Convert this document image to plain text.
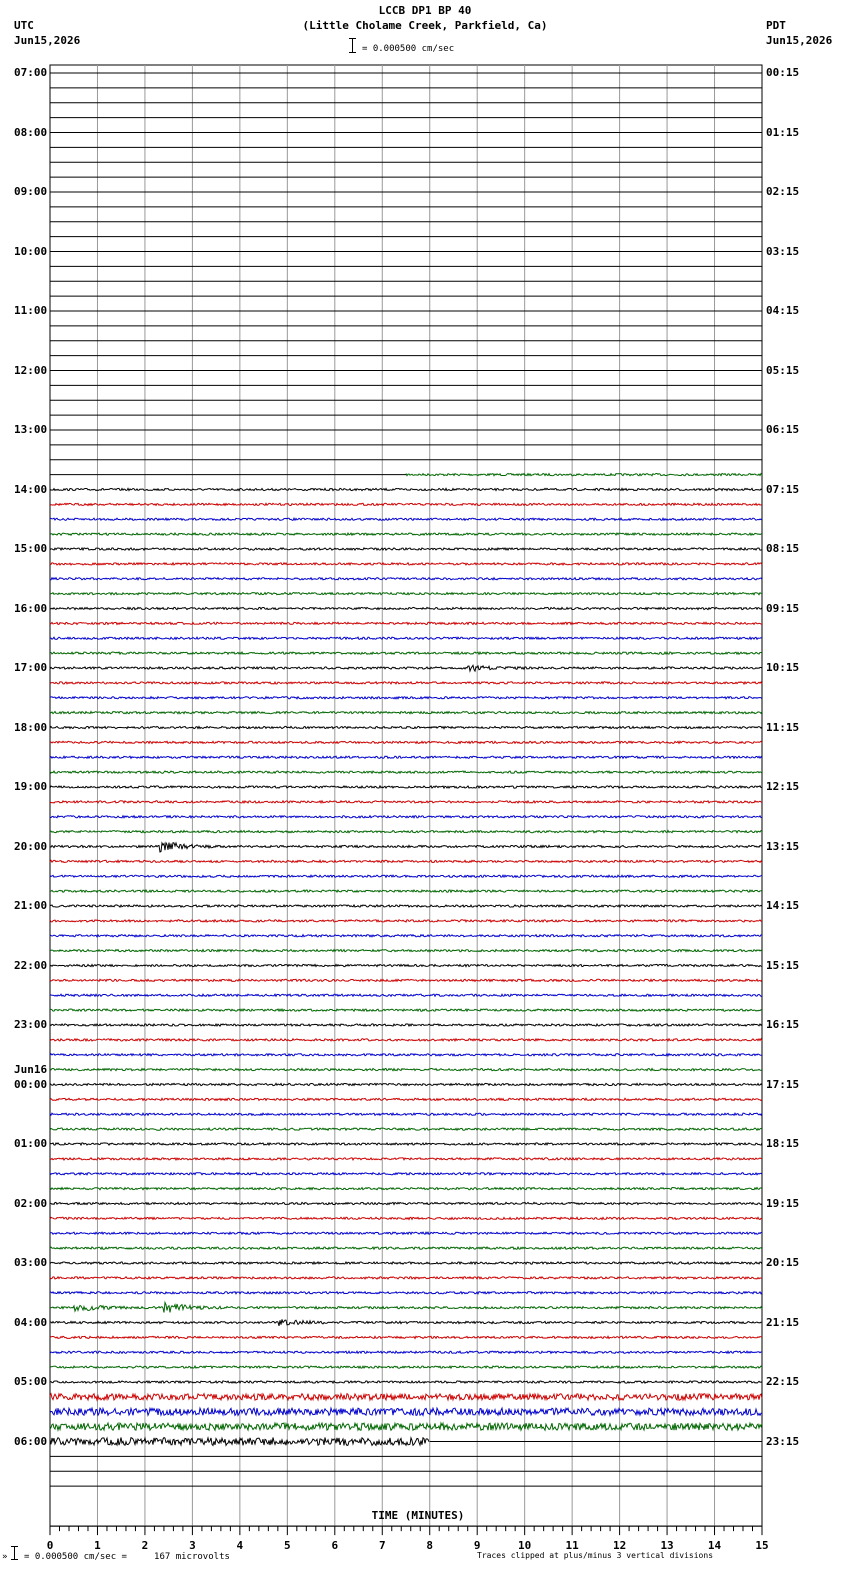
0	1	2	3	4	5	6	7	8	9	10	11	12	13	14	15
LCCB DP1 BP 40
(Little Cholame Creek, Parkfield, Ca)
= 0.000500 cm/sec
UTC
Jun15,2026
PDT
Jun15,2026
07:00
08:00
09:00
10:00
11:00
12:00
13:00
14:00
15:00
16:00
17:00
18:00
19:00
20:00
21:00
22:00
23:00
00:00
01:00
02:00
03:00
04:00
05:00
06:00
00:15
01:15
02:15
03:15
04:15
05:15
06:15
07:15
08:15
09:15
10:15
11:15
12:15
13:15
14:15
15:15
16:15
17:15
18:15
19:15
20:15
21:15
22:15
23:15
Jun16
TIME (MINUTES)
» = 0.000500 cm/sec =     167 microvolts	Traces clipped at plus/minus 3 vertical divisions
